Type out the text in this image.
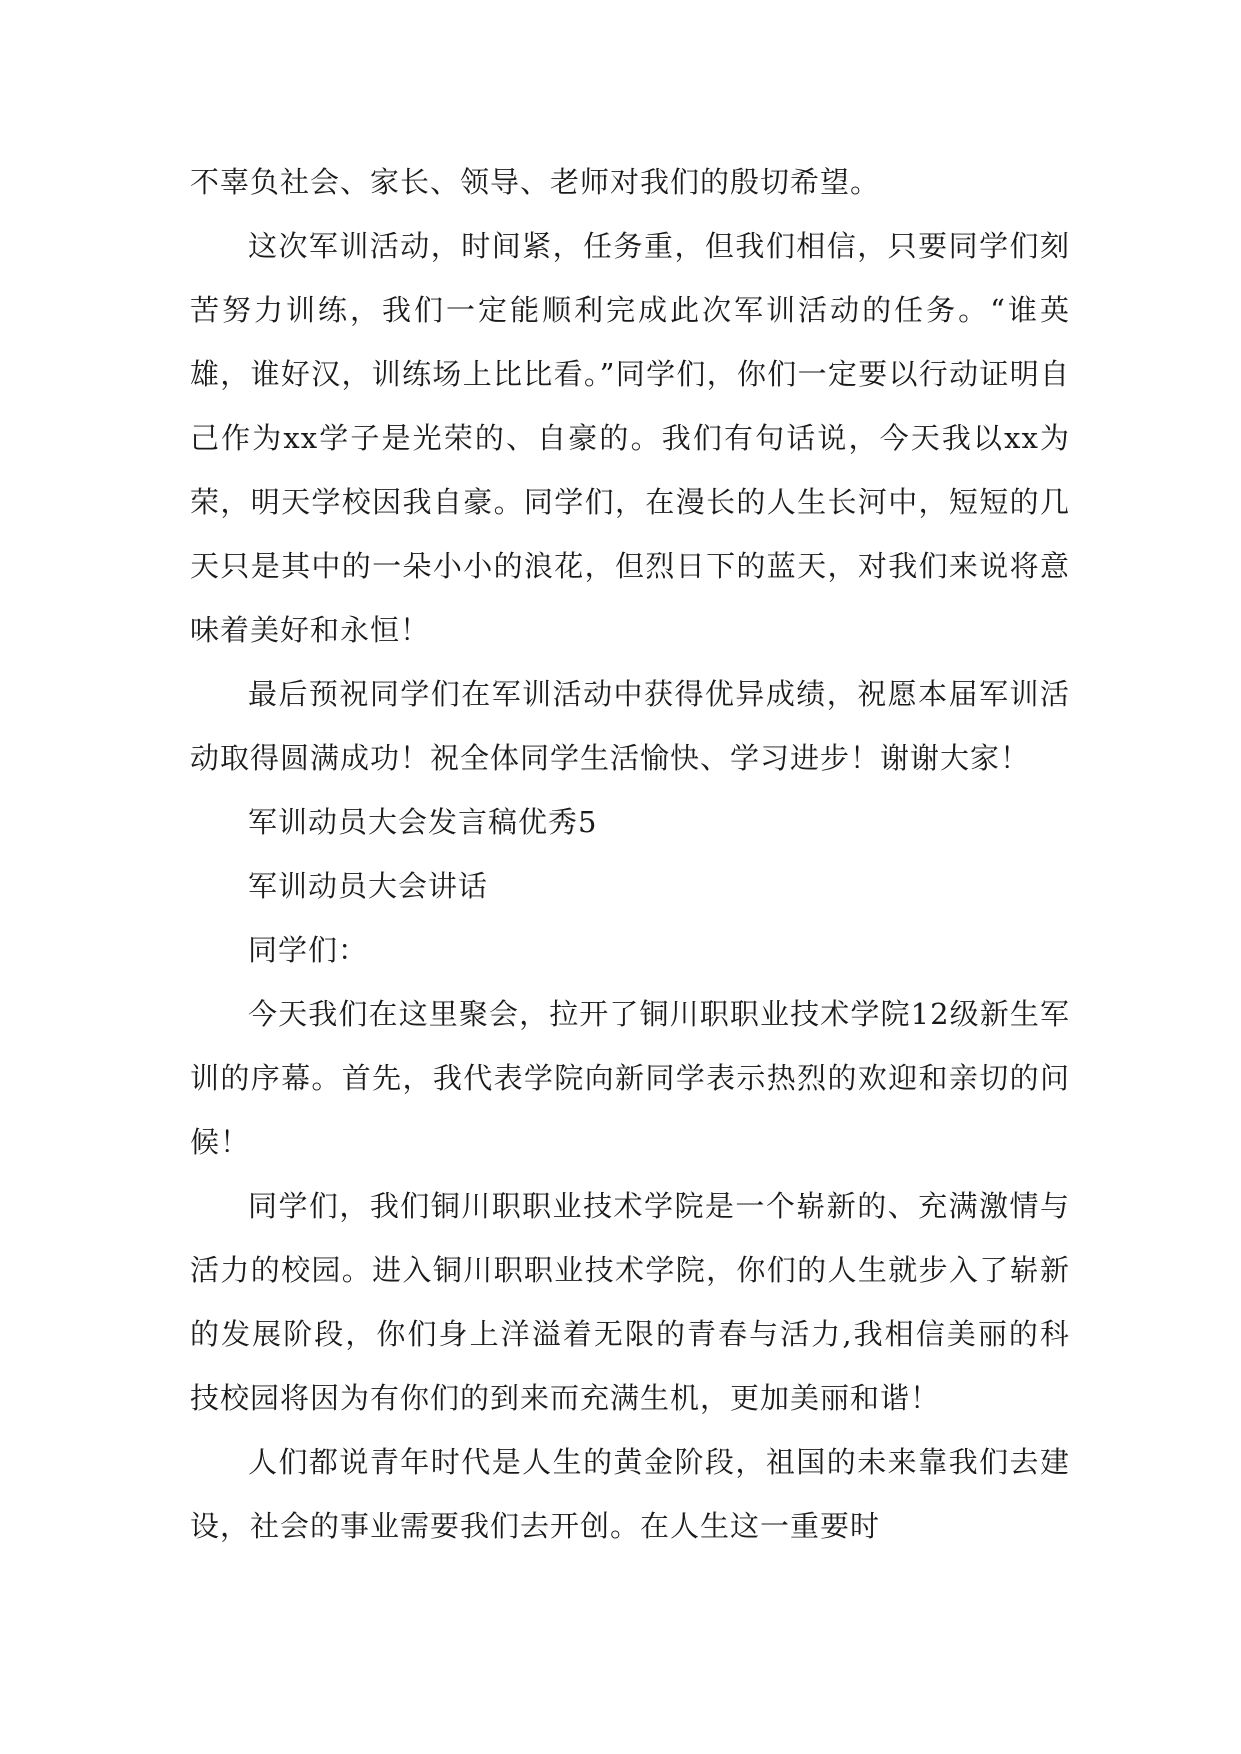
不辜负社会、家长、领导、老师对我们的殷切希望。

这次军训活动，时间紧，任务重，但我们相信，只要同学们刻苦努力训练，我们一定能顺利完成此次军训活动的任务。“谁英雄，谁好汉，训练场上比比看。”同学们，你们一定要以行动证明自己作为xx学子是光荣的、自豪的。我们有句话说，今天我以xx为荣，明天学校因我自豪。同学们，在漫长的人生长河中，短短的几天只是其中的一朵小小的浪花，但烈日下的蓝天，对我们来说将意味着美好和永恒！

最后预祝同学们在军训活动中获得优异成绩，祝愿本届军训活动取得圆满成功！祝全体同学生活愉快、学习进步！谢谢大家！

军训动员大会发言稿优秀5

军训动员大会讲话

同学们：

今天我们在这里聚会，拉开了铜川职职业技术学院12级新生军训的序幕。首先，我代表学院向新同学表示热烈的欢迎和亲切的问候！

同学们，我们铜川职职业技术学院是一个崭新的、充满激情与活力的校园。进入铜川职职业技术学院，你们的人生就步入了崭新的发展阶段，你们身上洋溢着无限的青春与活力,我相信美丽的科技校园将因为有你们的到来而充满生机，更加美丽和谐！

人们都说青年时代是人生的黄金阶段，祖国的未来靠我们去建设，社会的事业需要我们去开创。在人生这一重要时
